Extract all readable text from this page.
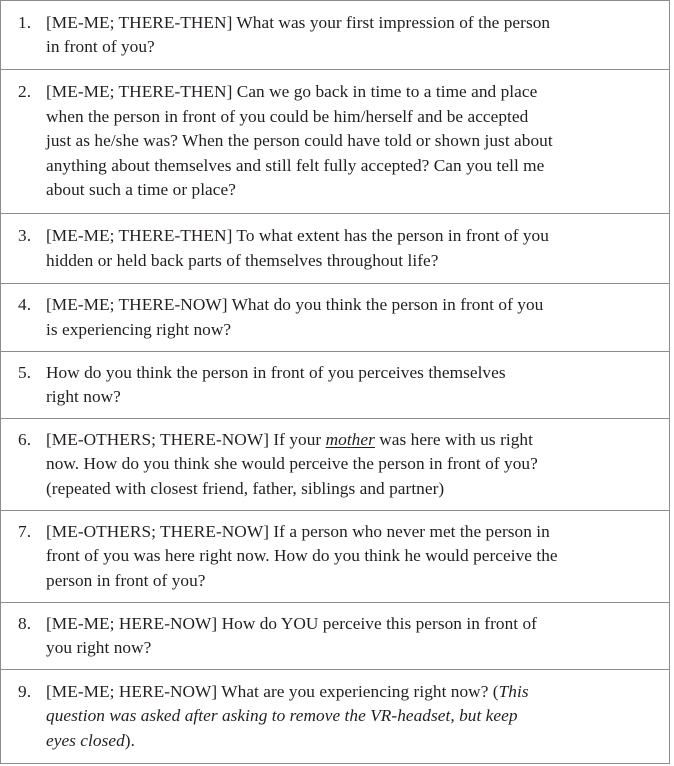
1. [ME-ME; THERE-THEN] What was your first impression of the person
in front of you?
2. [ME-ME; THERE-THEN] Can we go back in time to a time and place
when the person in front of you could be him/herself and be accepted
just as he/she was? When the person could have told or shown just about
anything about themselves and still felt fully accepted? Can you tell me
about such a time or place?
3. [ME-ME; THERE-THEN] To what extent has the person in front of you
hidden or held back parts of themselves throughout life?
4. [ME-ME; THERE-NOW] What do you think the person in front of you
is experiencing right now?
5. How do you think the person in front of you perceives themselves
right now?
6. [ME-OTHERS; THERE-NOW] If your mother was here with us right
now. How do you think she would perceive the person in front of you?
(repeated with closest friend, father, siblings and partner)
7. [ME-OTHERS; THERE-NOW] If a person who never met the person in
front of you was here right now. How do you think he would perceive the
person in front of you?
8. [ME-ME; HERE-NOW] How do YOU perceive this person in front of
you right now?
9. [ME-ME; HERE-NOW] What are you experiencing right now? (This
question was asked after asking to remove the VR-headset, but keep
eyes closed).
